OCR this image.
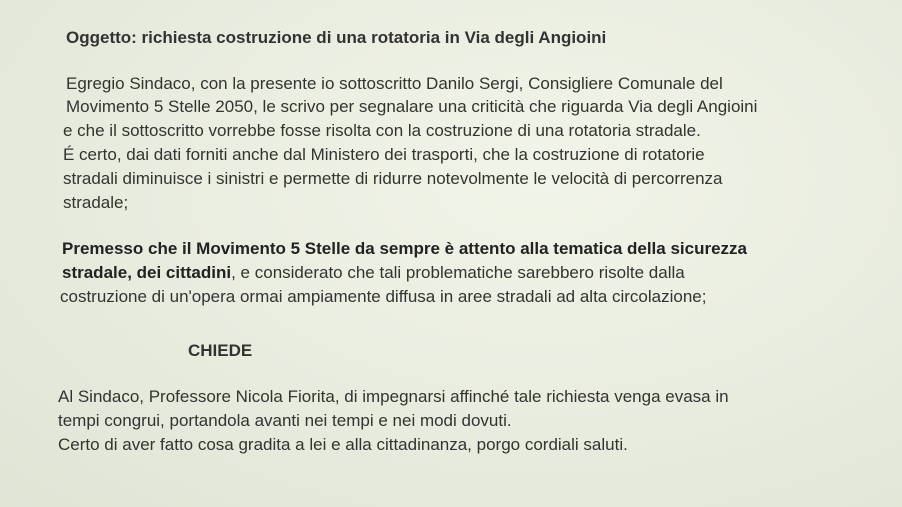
Oggetto: richiesta costruzione di una rotatoria in Via degli Angioini
Egregio Sindaco, con la presente io sottoscritto Danilo Sergi, Consigliere Comunale del
Movimento 5 Stelle 2050, le scrivo per segnalare una criticità che riguarda Via degli Angioini
e che il sottoscritto vorrebbe fosse risolta con la costruzione di una rotatoria stradale.
É certo, dai dati forniti anche dal Ministero dei trasporti, che la costruzione di rotatorie
stradali diminuisce i sinistri e permette di ridurre notevolmente le velocità di percorrenza
stradale;
Premesso che il Movimento 5 Stelle da sempre è attento alla tematica della sicurezza
stradale, dei cittadini, e considerato che tali problematiche sarebbero risolte dalla
costruzione di un'opera ormai ampiamente diffusa in aree stradali ad alta circolazione;
CHIEDE
Al Sindaco, Professore Nicola Fiorita, di impegnarsi affinché tale richiesta venga evasa in
tempi congrui, portandola avanti nei tempi e nei modi dovuti.
Certo di aver fatto cosa gradita a lei e alla cittadinanza, porgo cordiali saluti.
